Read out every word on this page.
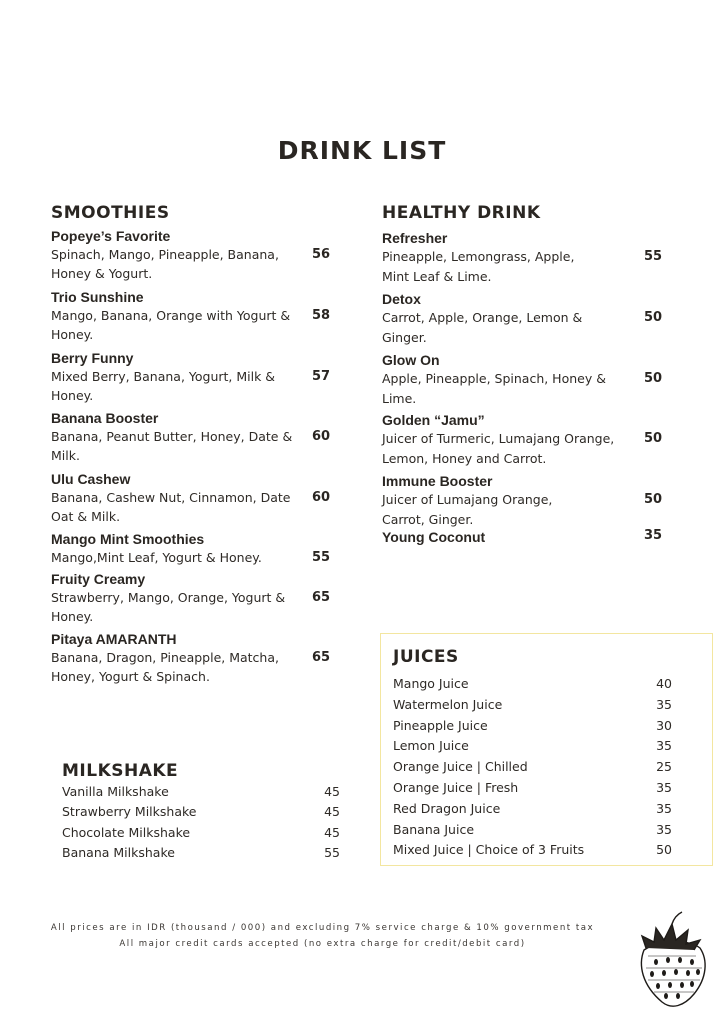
DRINK LIST
SMOOTHIES
Popeye’s Favorite
Spinach, Mango, Pineapple, Banana,
Honey & Yogurt.
56
Trio Sunshine
Mango, Banana, Orange with Yogurt &
Honey.
58
Berry Funny
Mixed Berry, Banana, Yogurt, Milk &
Honey.
57
Banana Booster
Banana, Peanut Butter, Honey, Date &
Milk.
60
Ulu Cashew
Banana, Cashew Nut, Cinnamon, Date
Oat & Milk.
60
Mango Mint Smoothies
Mango,Mint Leaf, Yogurt & Honey.	55
Fruity Creamy
Strawberry, Mango, Orange, Yogurt &
Honey.
65
Pitaya AMARANTH
Banana, Dragon, Pineapple, Matcha,
Honey, Yogurt & Spinach.
65
HEALTHY DRINK
Refresher
Pineapple, Lemongrass, Apple,
Mint Leaf & Lime.
55
Detox
Carrot, Apple, Orange, Lemon &
Ginger.
50
Glow On
Apple, Pineapple, Spinach, Honey &
Lime.
50
Golden “Jamu”
Juicer of Turmeric, Lumajang Orange,
Lemon, Honey and Carrot.
50
Immune Booster
Juicer of Lumajang Orange,
Carrot, Ginger.
50
Young Coconut	35
MILKSHAKE
Vanilla Milkshake	45
Strawberry Milkshake	45
Chocolate Milkshake	45
Banana Milkshake	55
JUICES
Mango Juice	40
Watermelon Juice	35
Pineapple Juice	30
Lemon Juice	35
Orange Juice | Chilled	25
Orange Juice | Fresh	35
Red Dragon Juice	35
Banana Juice	35
Mixed Juice | Choice of 3 Fruits	50
All prices are in IDR (thousand / 000) and excluding 7% service charge & 10% government tax
All major credit cards accepted (no extra charge for credit/debit card)
